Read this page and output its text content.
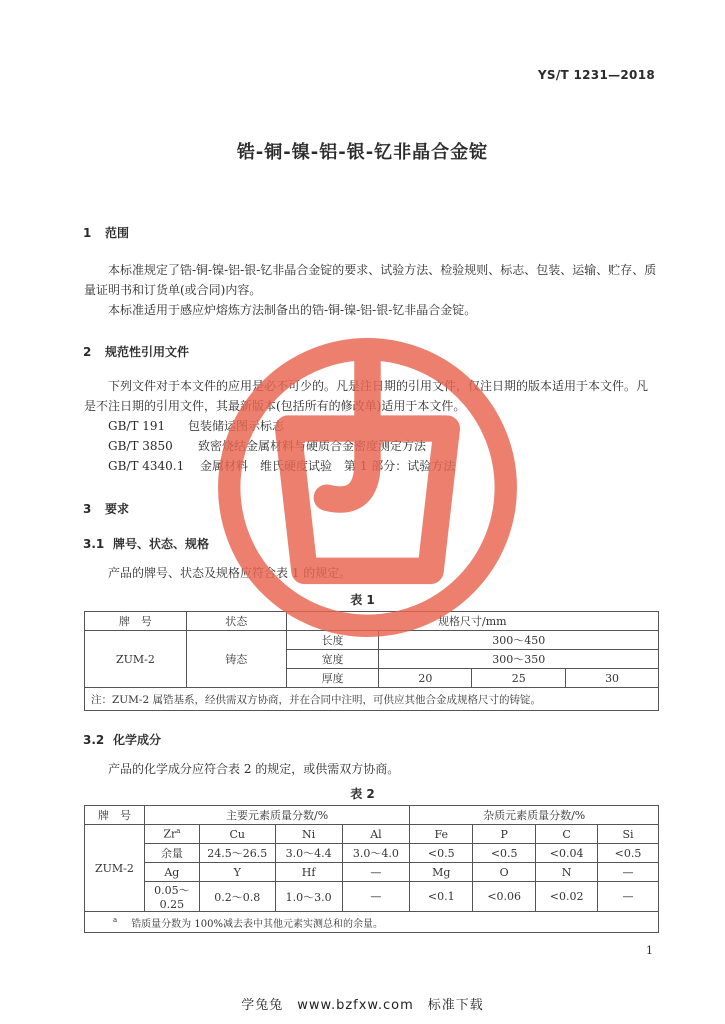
YS/T 1231—2018
锆-铜-镍-铝-银-钇非晶合金锭
1 范围
本标准规定了锆-铜-镍-铝-银-钇非晶合金锭的要求、试验方法、检验规则、标志、包装、运输、贮存、质量证明书和订货单(或合同)内容。
本标准适用于感应炉熔炼方法制备出的锆-铜-镍-铝-银-钇非晶合金锭。
2 规范性引用文件
下列文件对于本文件的应用是必不可少的。凡是注日期的引用文件，仅注日期的版本适用于本文件。凡是不注日期的引用文件，其最新版本(包括所有的修改单)适用于本文件。
GB/T 191 包装储运图示标志
GB/T 3850 致密烧结金属材料与硬质合金密度测定方法
GB/T 4340.1 金属材料　维氏硬度试验　第 1 部分：试验方法
3 要求
3.1 牌号、状态、规格
产品的牌号、状态及规格应符合表 1 的规定。
表 1
牌　号	状态	规格尺寸/mm			
ZUM-2	铸态	长度	300～450		
		宽度	300～350		
		厚度	20	25	30
注：ZUM-2 属锆基系，经供需双方协商，并在合同中注明，可供应其他合金成规格尺寸的铸锭。					
3.2 化学成分
产品的化学成分应符合表 2 的规定，或供需双方协商。
表 2
牌　号	主要元素质量分数/%				杂质元素质量分数/%			
ZUM-2	Zr$^a$	Cu	Ni	Al	Fe	P	C	Si
	余量	24.5～26.5	3.0～4.4	3.0～4.0	<0.5	<0.5	<0.04	<0.5
	Ag	Y	Hf	—	Mg	O	N	—
	0.05～0.25	0.2～0.8	1.0～3.0	—	<0.1	<0.06	<0.02	—
$^a$ 锆质量分数为 100%减去表中其他元素实测总和的余量。								
1
学兔兔　www.bzfxw.com　标准下载
